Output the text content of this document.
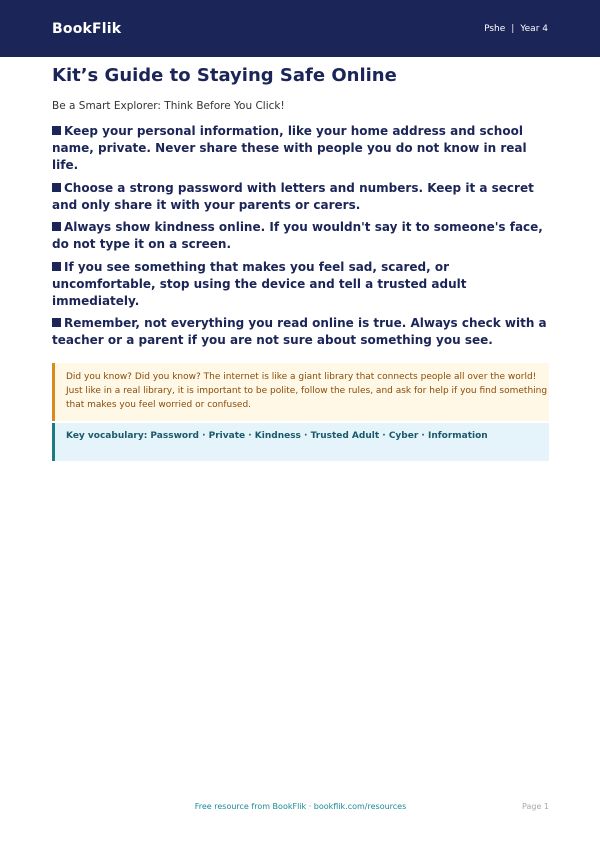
BookFlik	Pshe | Year 4
Kit’s Guide to Staying Safe Online

Be a Smart Explorer: Think Before You Click!

Keep your personal information, like your home address and school name, private. Never share these with people you do not know in real life.
Choose a strong password with letters and numbers. Keep it a secret and only share it with your parents or carers.
Always show kindness online. If you wouldn't say it to someone's face, do not type it on a screen.
If you see something that makes you feel sad, scared, or uncomfortable, stop using the device and tell a trusted adult immediately.
Remember, not everything you read online is true. Always check with a teacher or a parent if you are not sure about something you see.
Did you know? Did you know? The internet is like a giant library that connects people all over the world! Just like in a real library, it is important to be polite, follow the rules, and ask for help if you find something that makes you feel worried or confused.
Key vocabulary: Password · Private · Kindness · Trusted Adult · Cyber · Information
Free resource from BookFlik · bookflik.com/resources	Page 1
